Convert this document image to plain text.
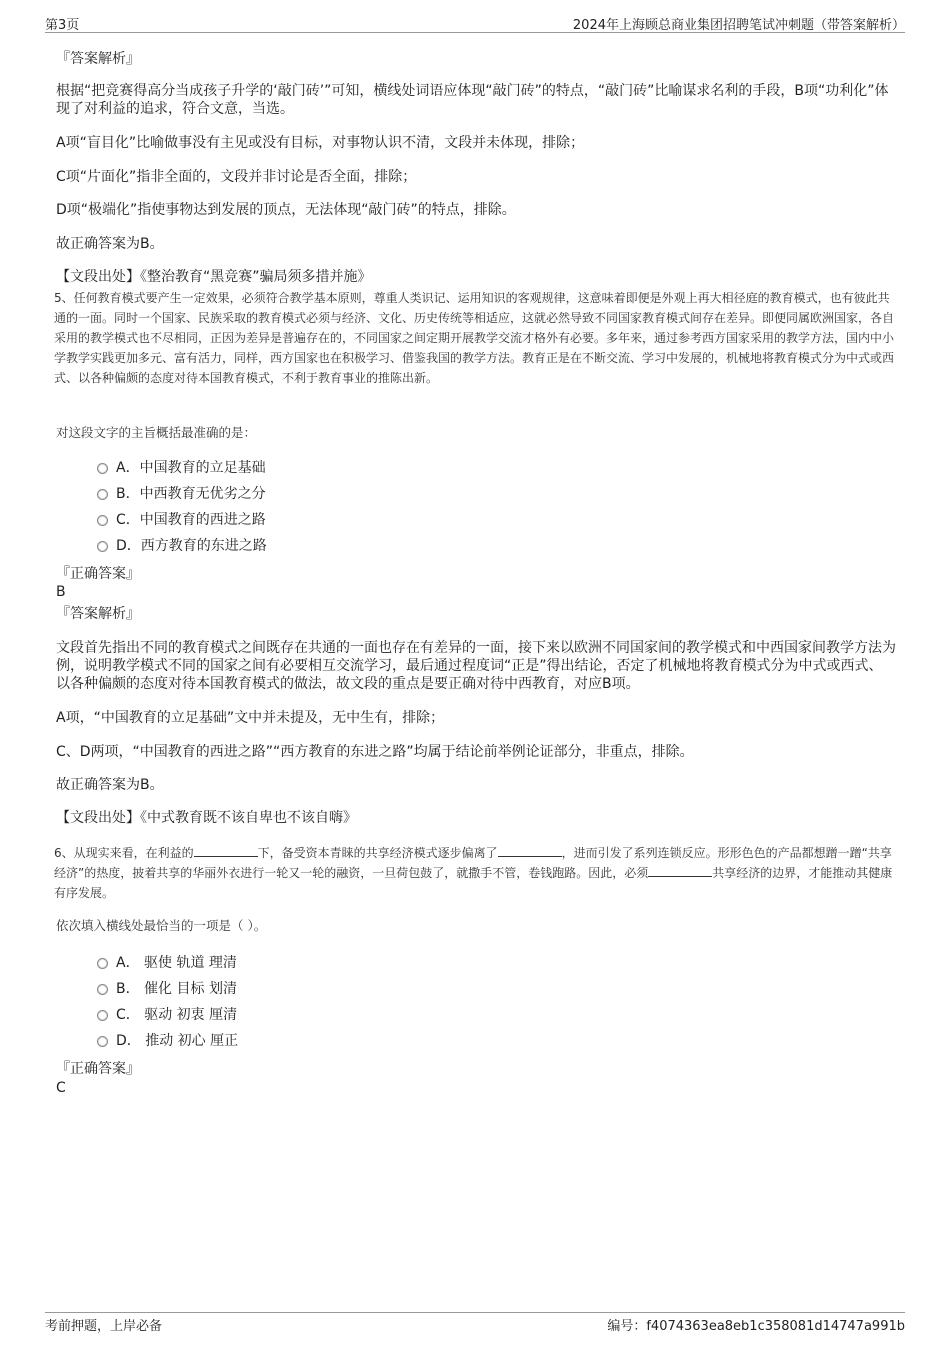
第3页	2024年上海顾总商业集团招聘笔试冲刺题（带答案解析）

『答案解析』

根据“把竞赛得高分当成孩子升学的‘敲门砖’”可知，横线处词语应体现“敲门砖”的特点，“敲门砖”比喻谋求名利的手段，B项“功利化”体现了对利益的追求，符合文意，当选。

A项“盲目化”比喻做事没有主见或没有目标，对事物认识不清，文段并未体现，排除；

C项“片面化”指非全面的，文段并非讨论是否全面，排除；

D项“极端化”指使事物达到发展的顶点，无法体现“敲门砖”的特点，排除。

故正确答案为B。

【文段出处】《整治教育“黑竞赛”骗局须多措并施》

5、任何教育模式要产生一定效果，必须符合教学基本原则，尊重人类识记、运用知识的客观规律，这意味着即便是外观上再大相径庭的教育模式，也有彼此共通的一面。同时一个国家、民族采取的教育模式必须与经济、文化、历史传统等相适应，这就必然导致不同国家教育模式间存在差异。即便同属欧洲国家，各自采用的教学模式也不尽相同，正因为差异是普遍存在的，不同国家之间定期开展教学交流才格外有必要。多年来，通过参考西方国家采用的教学方法，国内中小学教学实践更加多元、富有活力，同样，西方国家也在积极学习、借鉴我国的教学方法。教育正是在不断交流、学习中发展的，机械地将教育模式分为中式或西式、以各种偏颇的态度对待本国教育模式，不利于教育事业的推陈出新。

对这段文字的主旨概括最准确的是：

A．中国教育的立足基础
B．中西教育无优劣之分
C．中国教育的西进之路
D．西方教育的东进之路

『正确答案』

B

『答案解析』

文段首先指出不同的教育模式之间既存在共通的一面也存在有差异的一面，接下来以欧洲不同国家间的教学模式和中西国家间教学方法为例，说明教学模式不同的国家之间有必要相互交流学习，最后通过程度词“正是”得出结论，否定了机械地将教育模式分为中式或西式、以各种偏颇的态度对待本国教育模式的做法，故文段的重点是要正确对待中西教育，对应B项。

A项，“中国教育的立足基础”文中并未提及，无中生有，排除；

C、D两项，“中国教育的西进之路”“西方教育的东进之路”均属于结论前举例论证部分，非重点，排除。

故正确答案为B。

【文段出处】《中式教育既不该自卑也不该自嗨》

6、从现实来看，在利益的	下，备受资本青睐的共享经济模式逐步偏离了	，进而引发了系列连锁反应。形形色色的产品都想蹭一蹭“共享经济”的热度，披着共享的华丽外衣进行一轮又一轮的融资，一旦荷包鼓了，就撒手不管，卷钱跑路。因此，必须	共享经济的边界，才能推动其健康有序发展。

依次填入横线处最恰当的一项是（ ）。

A． 驱使 轨道 理清
B． 催化 目标 划清
C． 驱动 初衷 厘清
D． 推动 初心 厘正

『正确答案』

C

考前押题，上岸必备	编号：f4074363ea8eb1c358081d14747a991b
